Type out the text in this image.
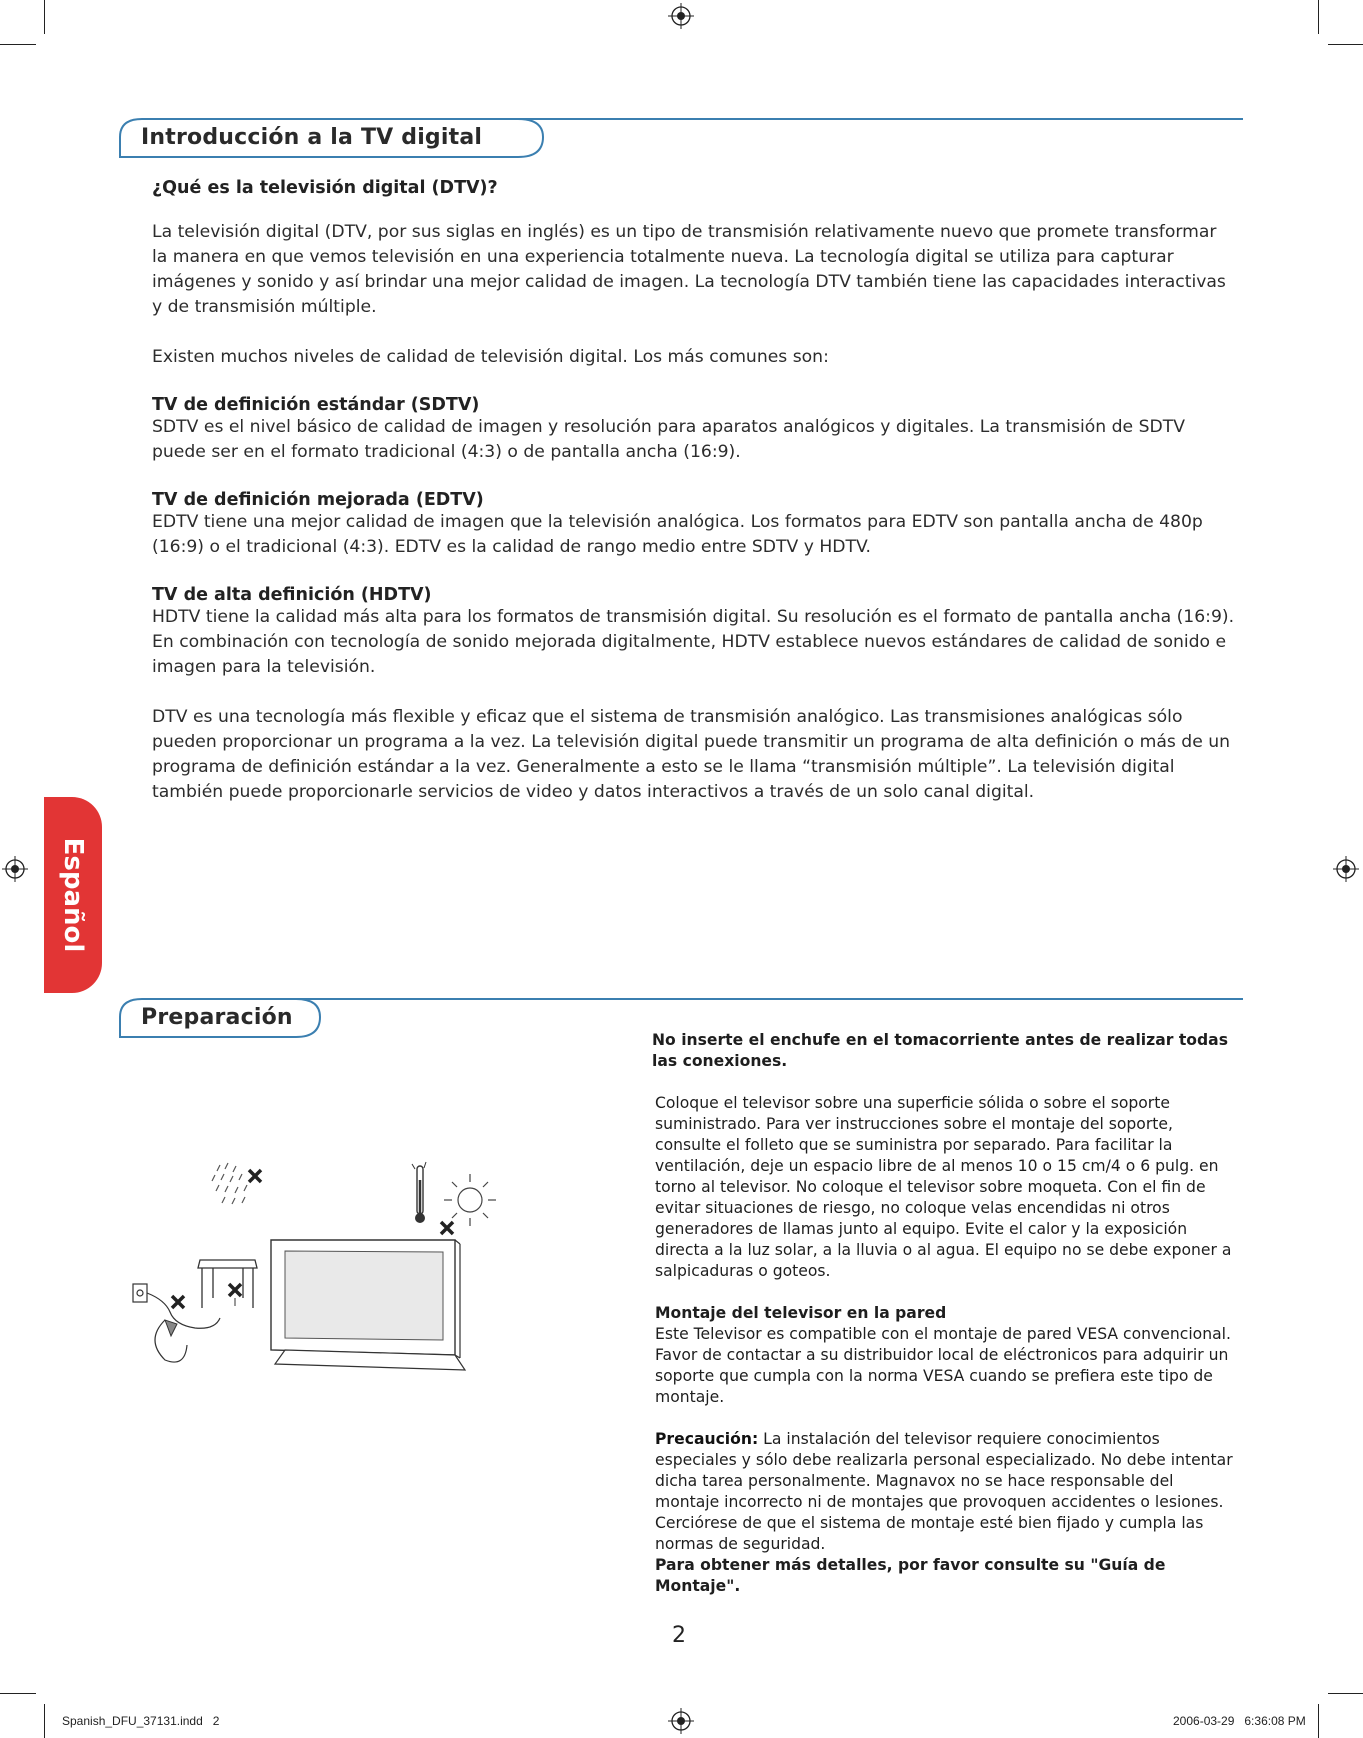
Introducción a la TV digital

¿Qué es la televisión digital (DTV)?

La televisión digital (DTV, por sus siglas en inglés) es un tipo de transmisión relativamente nuevo que promete transformar la manera en que vemos televisión en una experiencia totalmente nueva. La tecnología digital se utiliza para capturar imágenes y sonido y así brindar una mejor calidad de imagen. La tecnología DTV también tiene las capacidades interactivas y de transmisión múltiple.

Existen muchos niveles de calidad de televisión digital. Los más comunes son:

TV de definición estándar (SDTV)

SDTV es el nivel básico de calidad de imagen y resolución para aparatos analógicos y digitales. La transmisión de SDTV puede ser en el formato tradicional (4:3) o de pantalla ancha (16:9).

TV de definición mejorada (EDTV)

EDTV tiene una mejor calidad de imagen que la televisión analógica. Los formatos para EDTV son pantalla ancha de 480p (16:9) o el tradicional (4:3). EDTV es la calidad de rango medio entre SDTV y HDTV.

TV de alta definición (HDTV)

HDTV tiene la calidad más alta para los formatos de transmisión digital. Su resolución es el formato de pantalla ancha (16:9). En combinación con tecnología de sonido mejorada digitalmente, HDTV establece nuevos estándares de calidad de sonido e imagen para la televisión.

DTV es una tecnología más flexible y eficaz que el sistema de transmisión analógico. Las transmisiones analógicas sólo pueden proporcionar un programa a la vez. La televisión digital puede transmitir un programa de alta definición o más de un programa de definición estándar a la vez. Generalmente a esto se le llama “transmisión múltiple”. La televisión digital también puede proporcionarle servicios de video y datos interactivos a través de un solo canal digital.

Español
Preparación

No inserte el enchufe en el tomacorriente antes de realizar todas las conexiones.

Coloque el televisor sobre una superficie sólida o sobre el soporte suministrado. Para ver instrucciones sobre el montaje del soporte, consulte el folleto que se suministra por separado. Para facilitar la ventilación, deje un espacio libre de al menos 10 o 15 cm/4 o 6 pulg. en torno al televisor. No coloque el televisor sobre moqueta. Con el fin de evitar situaciones de riesgo, no coloque velas encendidas ni otros generadores de llamas junto al equipo. Evite el calor y la exposición directa a la luz solar, a la lluvia o al agua. El equipo no se debe exponer a salpicaduras o goteos.

Montaje del televisor en la pared

Este Televisor es compatible con el montaje de pared VESA convencional. Favor de contactar a su distribuidor local de eléctronicos para adquirir un soporte que cumpla con la norma VESA cuando se prefiera este tipo de montaje.

Precaución: La instalación del televisor requiere conocimientos especiales y sólo debe realizarla personal especializado. No debe intentar dicha tarea personalmente. Magnavox no se hace responsable del montaje incorrecto ni de montajes que provoquen accidentes o lesiones.

Cerciórese de que el sistema de montaje esté bien fijado y cumpla las normas de seguridad.

Para obtener más detalles, por favor consulte su "Guía de Montaje".

2
Spanish_DFU_37131.indd   2	2006-03-29   6:36:08 PM
